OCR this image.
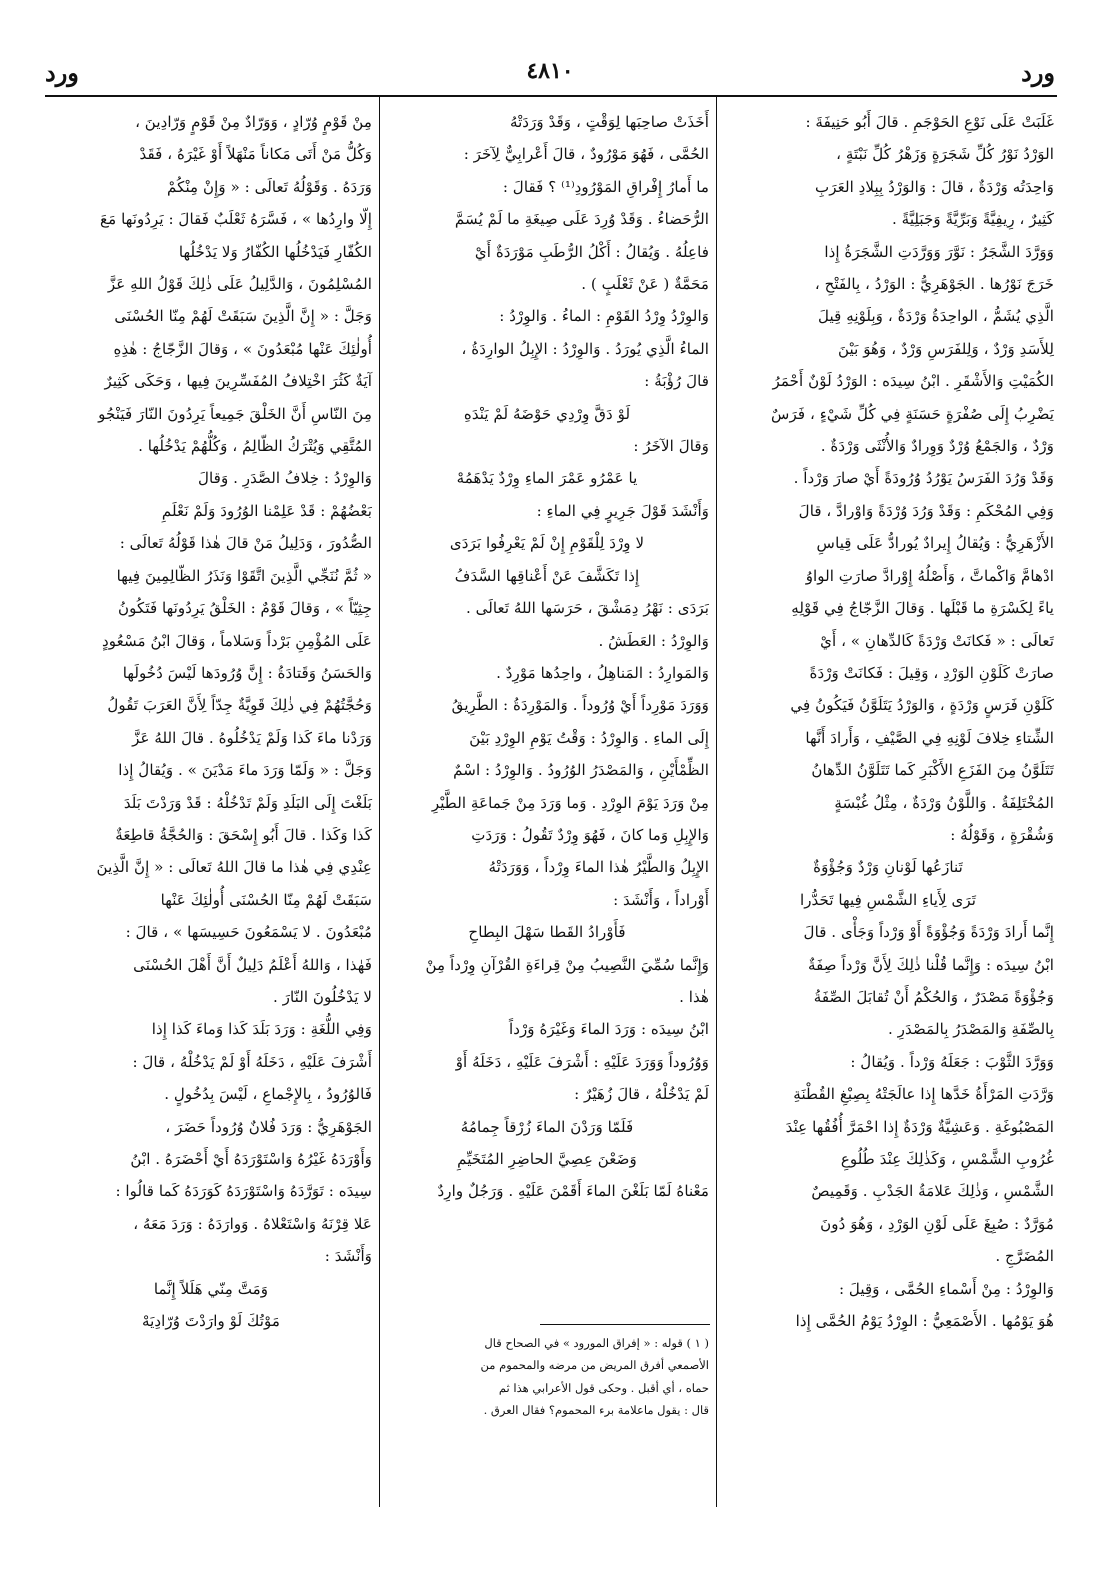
ورد
٤٨١٠
ورد

غَلَبَتْ عَلَى نَوْعِ الحَوْجَمِ . قالَ أَبُو حَنِيفَةَ :

الوَرْدُ نَوْرُ كُلِّ شَجَرَةٍ وَزَهْرُ كُلِّ نَبْتَةٍ ،

وَاحِدَتُه وَرْدَةٌ ، قالَ : وَالوَرْدُ بِبِلادِ العَرَبِ

كَثِيرٌ ، رِيفِيَّةً وَبَرِّيَّةً وَجَبَلِيَّةً .

وَوَرَّدَ الشَّجَرُ : نَوَّرَ وَوَرَّدَتِ الشَّجَرَةُ إِذا

خَرَجَ نَوْرُها . الجَوْهَرِيُّ : الوَرْدُ ، بِالفَتْحِ ،

الَّذِي يُشَمُّ ، الواحِدَةُ وَرْدَةٌ ، وَبِلَوْنِهِ قِيلَ

لِلأَسَدِ وَرْدٌ ، وَلِلفَرَسِ وَرْدٌ ، وَهُوَ بَيْنَ

الكُمَيْتِ وَالأَشْقَرِ . ابْنُ سِيدَه : الوَرْدُ لَوْنٌ أَحْمَرُ

يَضْرِبُ إِلَى صُفْرَةٍ حَسَنَةٍ فِي كُلِّ شَيْءٍ ، فَرَسٌ

وَرْدٌ ، وَالجَمْعُ وُرْدٌ وَوِرادٌ وَالأُنْثَى وَرْدَةٌ .

وَقَدْ وَرُدَ الفَرَسُ يَوْرُدُ وُرُودَةً أَيْ صارَ وَرْداً .

وَفِي المُحْكَمِ : وَقَدْ وَرُدَ وُرْدَةً وَاوْرادَّ ، قالَ

الأَزْهَرِيُّ : وَيُقالُ إِيرادٌ يُورادُّ عَلَى قِياسِ

ادْهامَّ وَاكْماتَّ ، وَأَصْلُهُ إِوْرادَّ صارَتِ الواوُ

ياءً لِكَسْرَةِ ما قَبْلَها . وَقالَ الزَّجّاجُ فِي قَوْلِهِ

تَعالَى : « فَكانَتْ وَرْدَةً كَالدِّهانِ » ، أَيْ

صارَتْ كَلَوْنِ الوَرْدِ ، وَقِيلَ : فَكانَتْ وَرْدَةً

كَلَوْنِ فَرَسٍ وَرْدَةٍ ، وَالوَرْدُ يَتَلَوَّنُ فَيَكُونُ فِي

الشِّتاءِ خِلافَ لَوْنِهِ فِي الصَّيْفِ ، وَأَرادَ أَنَّها

تَتَلَوَّنُ مِنَ الفَزَعِ الأَكْبَرِ كَما تَتَلَوَّنُ الدِّهانُ

المُخْتَلِفَةُ . وَاللَّوْنُ وَرْدَةٌ ، مِثْلُ غُبْسَةٍ

وَشُقْرَةٍ ، وَقَوْلُهُ :

تَنازَعُها لَوْنانِ وَرْدٌ وَجُؤْوَةٌ

تَرَى لِأَياءِ الشَّمْسِ فِيها تَحَدُّرا

إِنَّما أَرادَ وَرْدَةً وَجُؤْوَةً أَوْ وَرْداً وَجَأْى . قالَ

ابْنُ سِيدَه : وَإِنَّما قُلْنا ذٰلِكَ لِأَنَّ وَرْداً صِفَةٌ

وَجُؤْوَةً مَصْدَرٌ ، وَالحُكْمُ أَنْ تُقابَلَ الصِّفَةُ

بِالصِّفَةِ وَالمَصْدَرُ بِالمَصْدَرِ .

وَوَرَّدَ الثَّوْبَ : جَعَلَهُ وَرْداً . وَيُقالُ :

وَرَّدَتِ المَرْأَةُ خَدَّها إِذا عالَجَتْهُ بِصِبْغِ القُطْنَةِ

المَصْبُوغَةِ . وَعَشِيَّةٌ وَرْدَةٌ إِذا احْمَرَّ أُفُقُها عِنْدَ

غُرُوبِ الشَّمْسِ ، وَكَذٰلِكَ عِنْدَ طُلُوعِ

الشَّمْسِ ، وَذٰلِكَ عَلامَةُ الجَدْبِ . وَقَمِيصٌ

مُوَرَّدٌ : صُبِغَ عَلَى لَوْنِ الوَرْدِ ، وَهُوَ دُونَ

المُضَرَّجِ .

وَالوِرْدُ : مِنْ أَسْماءِ الحُمَّى ، وَقِيلَ :

هُوَ يَوْمُها . الأَصْمَعِيُّ : الوِرْدُ يَوْمُ الحُمَّى إِذا

أَخَذَتْ صاحِبَها لِوَقْتٍ ، وَقَدْ وَرَدَتْهُ

الحُمَّى ، فَهُوَ مَوْرُودٌ ، قالَ أَعْرابِيٌّ لِآخَرَ :

ما أَمارُ إِفْراقِ المَوْرُودِ⁽¹⁾ ؟ فَقالَ :

الرُّحَضاءُ . وَقَدْ وُرِدَ عَلَى صِيغَةِ ما لَمْ يُسَمَّ

فاعِلُهُ . وَيُقالُ : أَكْلُ الرُّطَبِ مَوْرَدَةٌ أَيْ

مَحَمَّةٌ ( عَنْ ثَعْلَبٍ ) .

وَالوِرْدُ وِرْدُ القَوْمِ : الماءُ . وَالوِرْدُ :

الماءُ الَّذِي يُورَدُ . وَالوِرْدُ : الإِبِلُ الوارِدَةُ ،

قالَ رُؤْبَةُ :

لَوْ دَقَّ وِرْدِي حَوْضَهُ لَمْ يَنْدَهِ

وَقالَ الآخَرُ :

يا عَمْرُو عَمْرَ الماءِ وِرْدٌ يَدْهَمُهْ

وَأَنْشَدَ قَوْلَ جَرِيرٍ فِي الماءِ :

لا وِرْدَ لِلْقَوْمِ إِنْ لَمْ يَعْرِفُوا بَرَدَى

إِذا تَكَشَّفَ عَنْ أَعْناقِها السَّدَفُ

بَرَدَى : نَهْرُ دِمَشْقَ ، حَرَسَها اللهُ تَعالَى .

وَالوِرْدُ : العَطَشُ .

وَالمَوارِدُ : المَناهِلُ ، واحِدُها مَوْرِدٌ .

وَوَرَدَ مَوْرِداً أَيْ وُرُوداً . وَالمَوْرِدَةُ : الطَّرِيقُ

إِلَى الماءِ . وَالوِرْدُ : وَقْتُ يَوْمِ الوِرْدِ بَيْنَ

الظِّمْأَيْنِ ، وَالمَصْدَرُ الوُرُودُ . وَالوِرْدُ : اسْمٌ

مِنْ وَرَدَ يَوْمَ الوِرْدِ . وَما وَرَدَ مِنْ جَماعَةِ الطَّيْرِ

وَالإِبِلِ وَما كانَ ، فَهُوَ وِرْدٌ تَقُولُ : وَرَدَتِ

الإِبِلُ وَالطَّيْرُ هٰذا الماءَ وِرْداً ، وَوَرَدَتْهُ

أَوْراداً ، وَأَنْشَدَ :

فَأَوْرادُ القَطا سَهْلَ البِطاحِ

وَإِنَّما سُمِّيَ النَّصِيبُ مِنْ قِراءَةِ القُرْآنِ وِرْداً مِنْ

هٰذا .

ابْنُ سِيدَه : وَرَدَ الماءَ وَغَيْرَهُ وَرْداً

وَوُرُوداً وَوَرَدَ عَلَيْهِ : أَشْرَفَ عَلَيْهِ ، دَخَلَهُ أَوْ

لَمْ يَدْخُلْهُ ، قالَ زُهَيْرٌ :

فَلَمّا وَرَدْنَ الماءَ زُرْقاً جِمامُهُ

وَضَعْنَ عِصِيَّ الحاضِرِ المُتَخَيِّمِ

مَعْناهُ لَمّا بَلَغْنَ الماءَ أَقَمْنَ عَلَيْهِ . وَرَجُلٌ وارِدٌ

مِنْ قَوْمٍ وُرّادٍ ، وَوَرّادٌ مِنْ قَوْمٍ وَرّادِينَ ،

وَكُلُّ مَنْ أَتَى مَكاناً مَنْهَلاً أَوْ غَيْرَهُ ، فَقَدْ

وَرَدَهُ . وَقَوْلُهُ تَعالَى : « وَإِنْ مِنْكُمْ

إِلّا وارِدُها » ، فَسَّرَهُ ثَعْلَبٌ فَقالَ : يَرِدُونَها مَعَ

الكُفّارِ فَيَدْخُلُها الكُفّارُ وَلا يَدْخُلُها

المُسْلِمُونَ ، وَالدَّلِيلُ عَلَى ذٰلِكَ قَوْلُ اللهِ عَزَّ

وَجَلَّ : « إِنَّ الَّذِينَ سَبَقَتْ لَهُمْ مِنّا الحُسْنَى

أُولٰئِكَ عَنْها مُبْعَدُونَ » ، وَقالَ الزَّجّاجُ : هٰذِهِ

آيَةٌ كَثُرَ اخْتِلافُ المُفَسِّرِينَ فِيها ، وَحَكَى كَثِيرٌ

مِنَ النّاسِ أَنَّ الخَلْقَ جَمِيعاً يَرِدُونَ النّارَ فَيَنْجُو

المُتَّقِي وَيُتْرَكُ الظّالِمُ ، وَكُلُّهُمْ يَدْخُلُها .

وَالوِرْدُ : خِلافُ الصَّدَرِ . وَقالَ

بَعْضُهُمْ : قَدْ عَلِمْنا الوُرُودَ وَلَمْ نَعْلَمِ

الصُّدُورَ ، وَدَلِيلُ مَنْ قالَ هٰذا قَوْلُهُ تَعالَى :

« ثُمَّ نُنَجِّي الَّذِينَ اتَّقَوْا وَنَذَرُ الظّالِمِينَ فِيها

جِثِيّاً » ، وَقالَ قَوْمٌ : الخَلْقُ يَرِدُونَها فَتَكُونُ

عَلَى المُؤْمِنِ بَرْداً وَسَلاماً ، وَقالَ ابْنُ مَسْعُودٍ

وَالحَسَنُ وَقَتادَةُ : إِنَّ وُرُودَها لَيْسَ دُخُولَها

وَحُجَّتُهُمْ فِي ذٰلِكَ قَوِيَّةٌ جِدّاً لِأَنَّ العَرَبَ تَقُولُ

وَرَدْنا ماءَ كَذا وَلَمْ يَدْخُلُوهُ . قالَ اللهُ عَزَّ

وَجَلَّ : « وَلَمّا وَرَدَ ماءَ مَدْيَنَ » . وَيُقالُ إِذا

بَلَغْتَ إِلَى البَلَدِ وَلَمْ تَدْخُلْهُ : قَدْ وَرَدْتَ بَلَدَ

كَذا وَكَذا . قالَ أَبُو إِسْحَقَ : وَالحُجَّةُ قاطِعَةٌ

عِنْدِي فِي هٰذا ما قالَ اللهُ تَعالَى : « إِنَّ الَّذِينَ

سَبَقَتْ لَهُمْ مِنّا الحُسْنَى أُولٰئِكَ عَنْها

مُبْعَدُونَ . لا يَسْمَعُونَ حَسِيسَها » ، قالَ :

فَهٰذا ، وَاللهُ أَعْلَمُ دَلِيلٌ أَنَّ أَهْلَ الحُسْنَى

لا يَدْخُلُونَ النّارَ .

وَفِي اللُّغَةِ : وَرَدَ بَلَدَ كَذا وَماءَ كَذا إِذا

أَشْرَفَ عَلَيْهِ ، دَخَلَهُ أَوْ لَمْ يَدْخُلْهُ ، قالَ :

فَالوُرُودُ ، بِالإِجْماعِ ، لَيْسَ بِدُخُولٍ .

الجَوْهَرِيُّ : وَرَدَ فُلانٌ وُرُوداً حَضَرَ ،

وَأَوْرَدَهُ غَيْرُهُ وَاسْتَوْرَدَهُ أَيْ أَحْضَرَهُ . ابْنُ

سِيدَه : تَوَرَّدَهُ وَاسْتَوْرَدَهُ كَوَرَدَهُ كَما قالُوا :

عَلا قِرْنَهُ وَاسْتَعْلاهُ . وَوارَدَهُ : وَرَدَ مَعَهُ ،

وَأَنْشَدَ :

وَمَتَّ مِنّي هَلَلاً إِنَّما

مَوْتُكَ لَوْ وارَدْتَ وُرّادِيَهْ

( ١ ) قوله : « إفراق المورود » في الصحاح قال

الأصمعي أفرق المريض من مرضه والمحموم من

حماه ، أي أقبل . وحكى قول الأعرابي هذا ثم

قال : يقول ماعلامة برء المحموم؟ فقال العرق .
